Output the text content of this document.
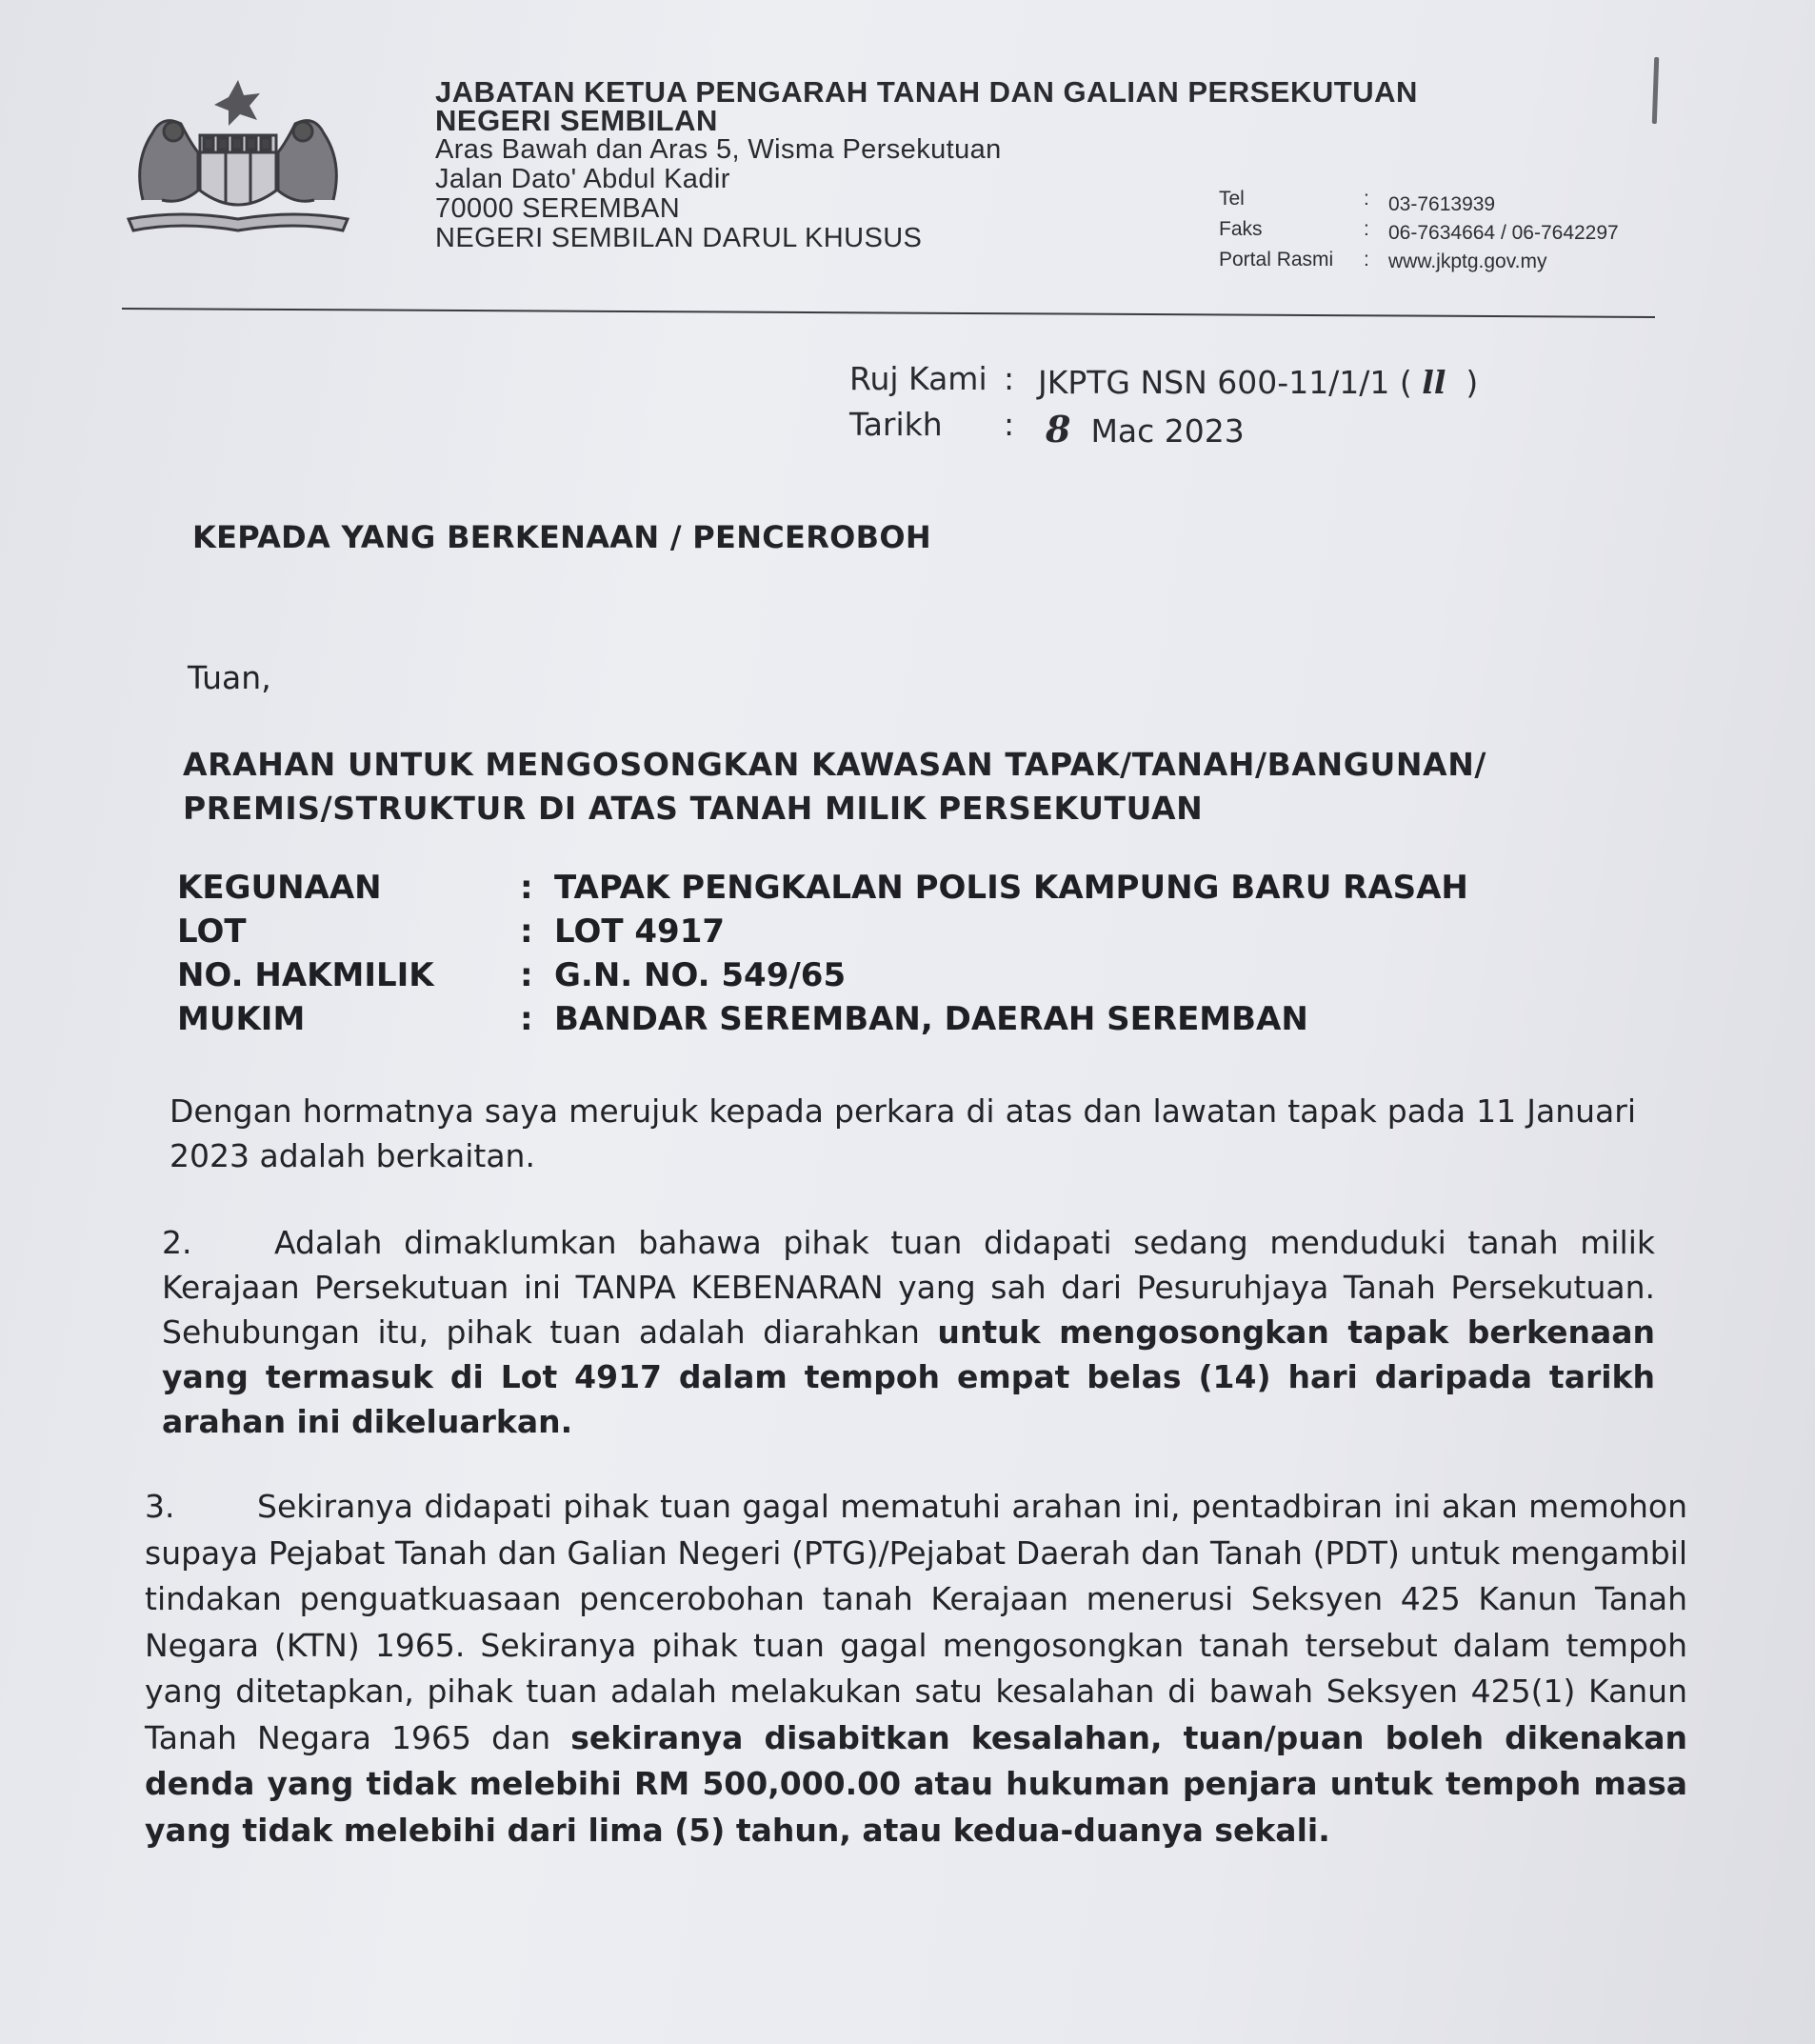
JABATAN KETUA PENGARAH TANAH DAN GALIAN PERSEKUTUAN
NEGERI SEMBILAN
Aras Bawah dan Aras 5, Wisma Persekutuan
Jalan Dato' Abdul Kadir
70000 SEREMBAN
NEGERI SEMBILAN DARUL KHUSUS
Tel	: 03-7613939
Faks	: 06-7634664 / 06-7642297
Portal Rasmi : www.jkptg.gov.my
Ruj Kami : JKPTG NSN 600-11/1/1 ( ll )
Tarikh : 8 Mac 2023
KEPADA YANG BERKENAAN / PENCEROBOH
Tuan,
ARAHAN UNTUK MENGOSONGKAN KAWASAN TAPAK/TANAH/BANGUNAN/
PREMIS/STRUKTUR DI ATAS TANAH MILIK PERSEKUTUAN
KEGUNAAN	: TAPAK PENGKALAN POLIS KAMPUNG BARU RASAH
LOT	: LOT 4917
NO. HAKMILIK	: G.N. NO. 549/65
MUKIM	: BANDAR SEREMBAN, DAERAH SEREMBAN
Dengan hormatnya saya merujuk kepada perkara di atas dan lawatan tapak pada 11 Januari 2023 adalah berkaitan.
2.	Adalah dimaklumkan bahawa pihak tuan didapati sedang menduduki tanah milik Kerajaan Persekutuan ini TANPA KEBENARAN yang sah dari Pesuruhjaya Tanah Persekutuan. Sehubungan itu, pihak tuan adalah diarahkan untuk mengosongkan tapak berkenaan yang termasuk di Lot 4917 dalam tempoh empat belas (14) hari daripada tarikh arahan ini dikeluarkan.
3.	Sekiranya didapati pihak tuan gagal mematuhi arahan ini, pentadbiran ini akan memohon supaya Pejabat Tanah dan Galian Negeri (PTG)/Pejabat Daerah dan Tanah (PDT) untuk mengambil tindakan penguatkuasaan pencerobohan tanah Kerajaan menerusi Seksyen 425 Kanun Tanah Negara (KTN) 1965. Sekiranya pihak tuan gagal mengosongkan tanah tersebut dalam tempoh yang ditetapkan, pihak tuan adalah melakukan satu kesalahan di bawah Seksyen 425(1) Kanun Tanah Negara 1965 dan sekiranya disabitkan kesalahan, tuan/puan boleh dikenakan denda yang tidak melebihi RM 500,000.00 atau hukuman penjara untuk tempoh masa yang tidak melebihi dari lima (5) tahun, atau kedua-duanya sekali.
